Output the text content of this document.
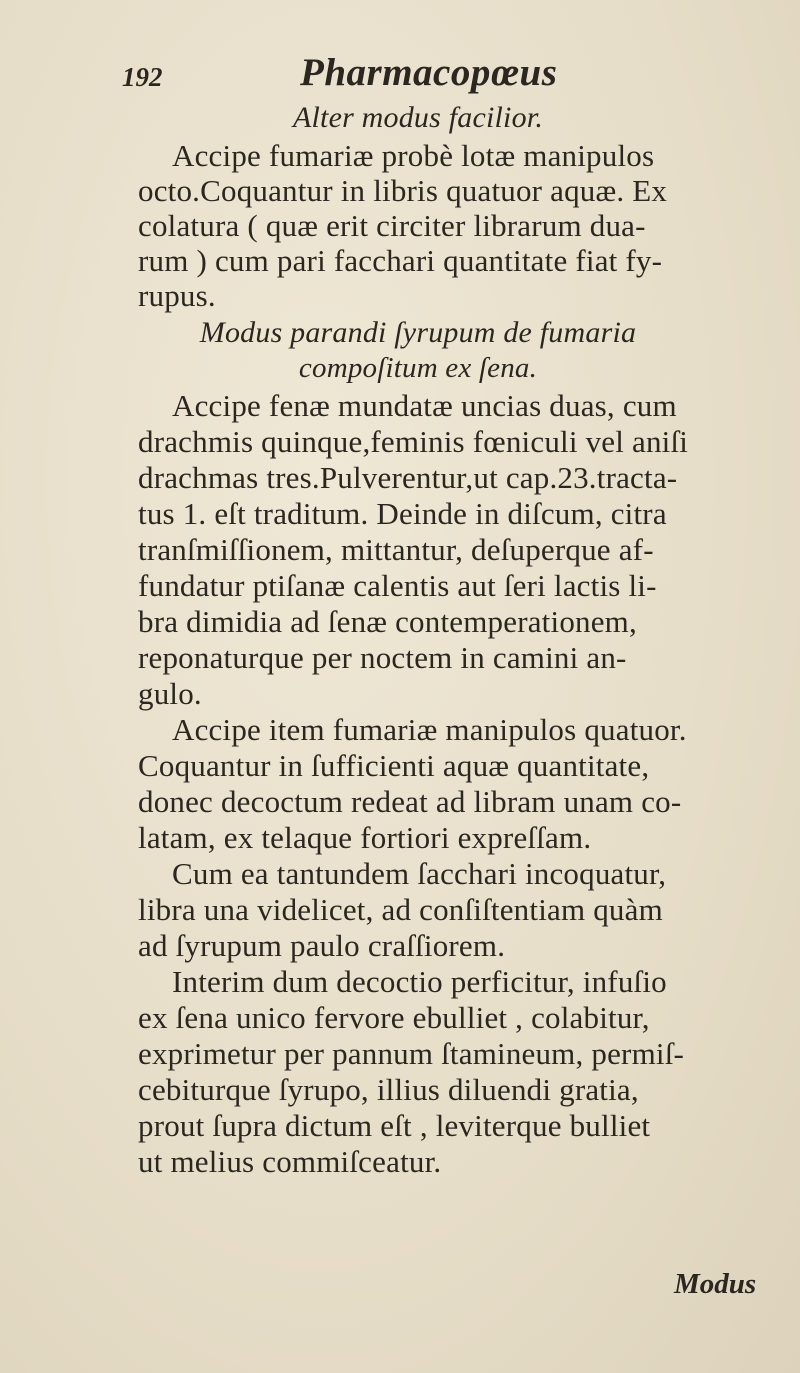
192	Pharmacopœus
Alter modus facilior.
Accipe fumariæ probè lotæ manipulos
octo.Coquantur in libris quatuor aquæ. Ex
colatura ( quæ erit circiter librarum dua-
rum ) cum pari facchari quantitate fiat fy-
rupus.
Modus parandi ſyrupum de fumaria
compoſitum ex ſena.
Accipe fenæ mundatæ uncias duas, cum
drachmis quinque,feminis fœniculi vel aniſi
drachmas tres.Pulverentur,ut cap.23.tracta-
tus 1. eſt traditum. Deinde in diſcum, citra
tranſmiſſionem, mittantur, deſuperque af-
fundatur ptiſanæ calentis aut ſeri lactis li-
bra dimidia ad ſenæ contemperationem,
reponaturque per noctem in camini an-
gulo.
Accipe item fumariæ manipulos quatuor.
Coquantur in ſufficienti aquæ quantitate,
donec decoctum redeat ad libram unam co-
latam, ex telaque fortiori expreſſam.
Cum ea tantundem ſacchari incoquatur,
libra una videlicet, ad conſiſtentiam quàm
ad ſyrupum paulo craſſiorem.
Interim dum decoctio perficitur, infuſio
ex ſena unico fervore ebulliet , colabitur,
exprimetur per pannum ſtamineum, permiſ-
cebiturque ſyrupo, illius diluendi gratia,
prout ſupra dictum eſt , leviterque bulliet
ut melius commiſceatur.
Modus
